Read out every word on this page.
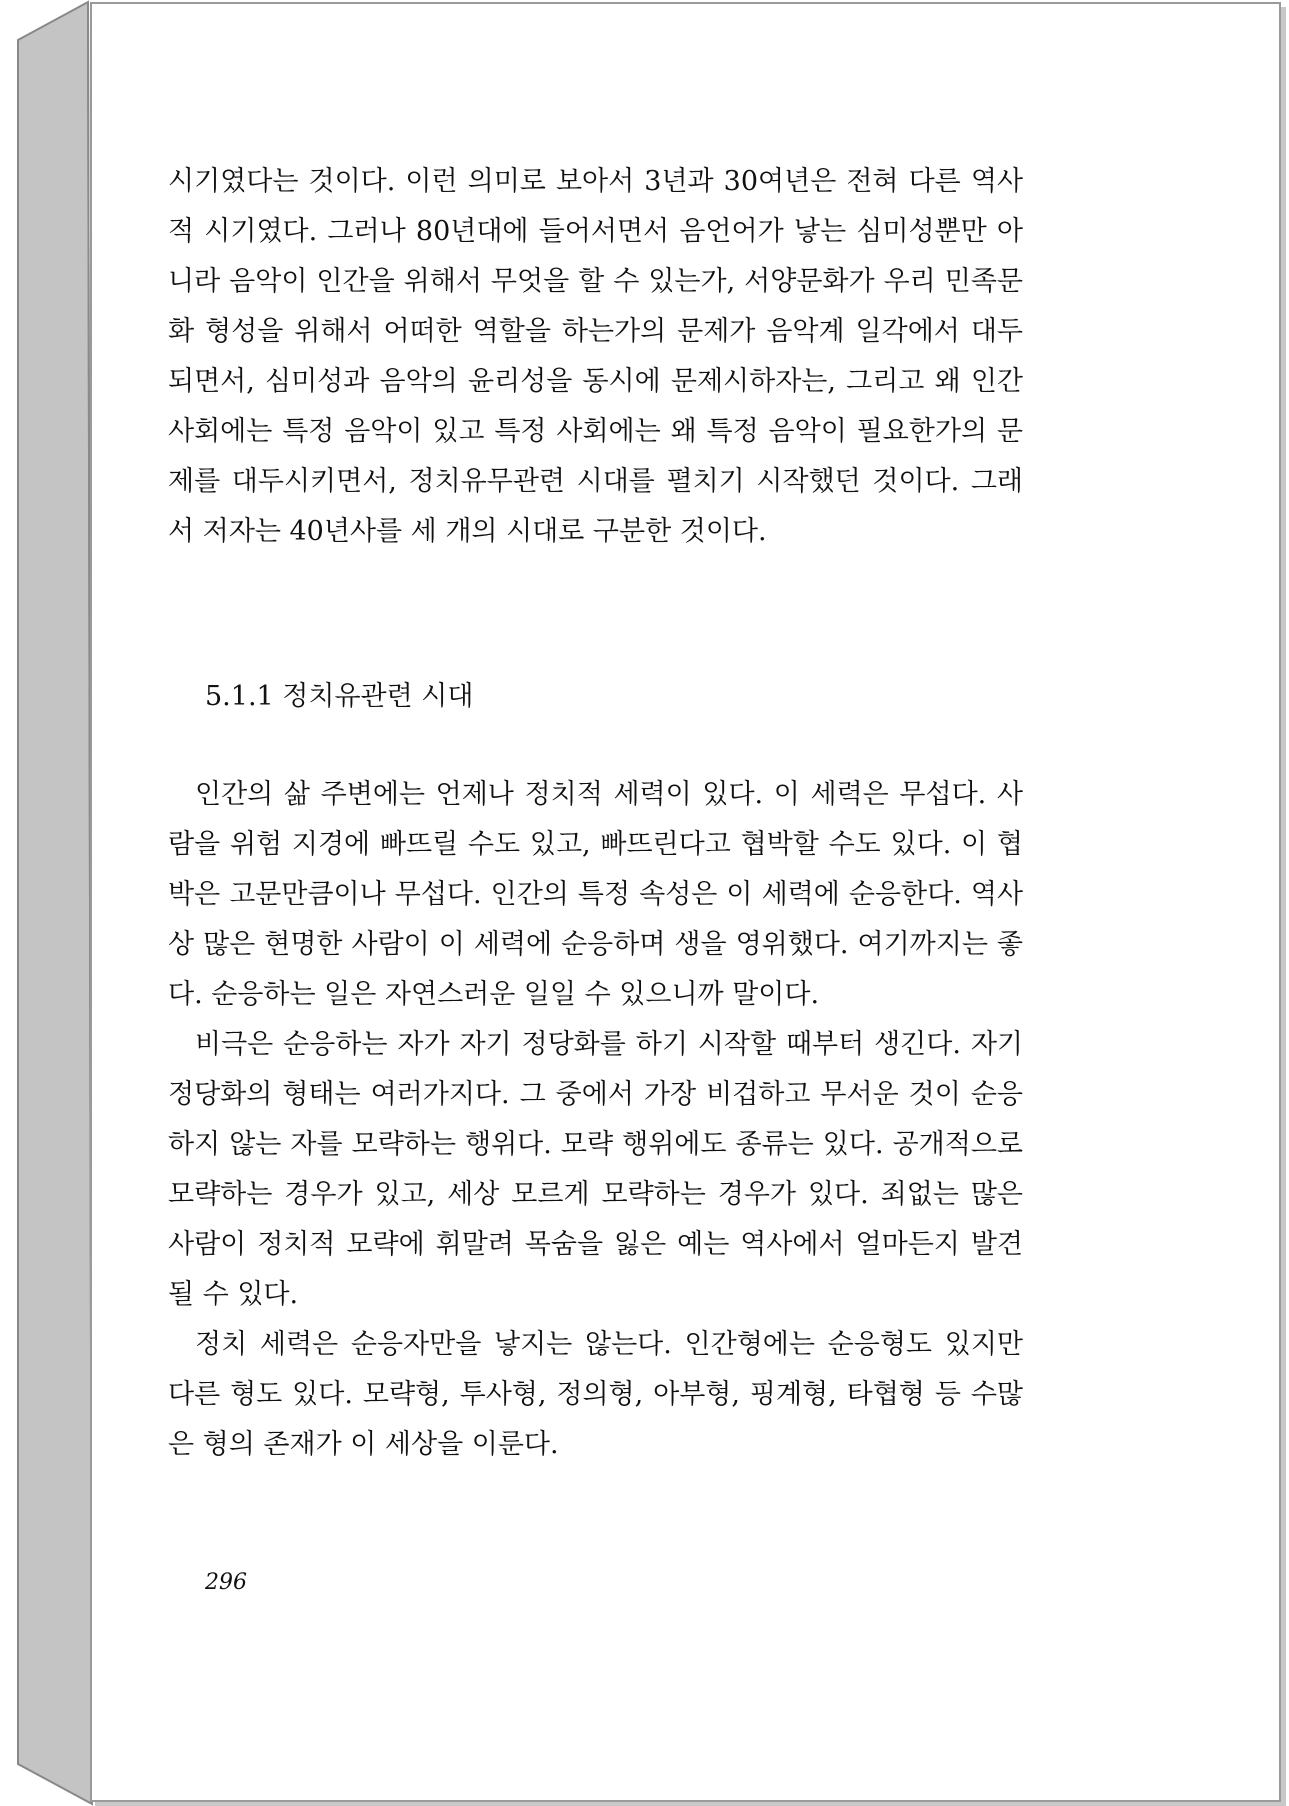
시기였다는 것이다. 이런 의미로 보아서 3년과 30여년은 전혀 다른 역사적 시기였다. 그러나 80년대에 들어서면서 음언어가 낳는 심미성뿐만 아니라 음악이 인간을 위해서 무엇을 할 수 있는가, 서양문화가 우리 민족문화 형성을 위해서 어떠한 역할을 하는가의 문제가 음악계 일각에서 대두되면서, 심미성과 음악의 윤리성을 동시에 문제시하자는, 그리고 왜 인간 사회에는 특정 음악이 있고 특정 사회에는 왜 특정 음악이 필요한가의 문제를 대두시키면서, 정치유무관련 시대를 펼치기 시작했던 것이다. 그래서 저자는 40년사를 세 개의 시대로 구분한 것이다.

5.1.1 정치유관련 시대

인간의 삶 주변에는 언제나 정치적 세력이 있다. 이 세력은 무섭다. 사람을 위험 지경에 빠뜨릴 수도 있고, 빠뜨린다고 협박할 수도 있다. 이 협박은 고문만큼이나 무섭다. 인간의 특정 속성은 이 세력에 순응한다. 역사상 많은 현명한 사람이 이 세력에 순응하며 생을 영위했다. 여기까지는 좋다. 순응하는 일은 자연스러운 일일 수 있으니까 말이다.

비극은 순응하는 자가 자기 정당화를 하기 시작할 때부터 생긴다. 자기 정당화의 형태는 여러가지다. 그 중에서 가장 비겁하고 무서운 것이 순응하지 않는 자를 모략하는 행위다. 모략 행위에도 종류는 있다. 공개적으로 모략하는 경우가 있고, 세상 모르게 모략하는 경우가 있다. 죄없는 많은 사람이 정치적 모략에 휘말려 목숨을 잃은 예는 역사에서 얼마든지 발견될 수 있다.

정치 세력은 순응자만을 낳지는 않는다. 인간형에는 순응형도 있지만 다른 형도 있다. 모략형, 투사형, 정의형, 아부형, 핑계형, 타협형 등 수많은 형의 존재가 이 세상을 이룬다.

296
